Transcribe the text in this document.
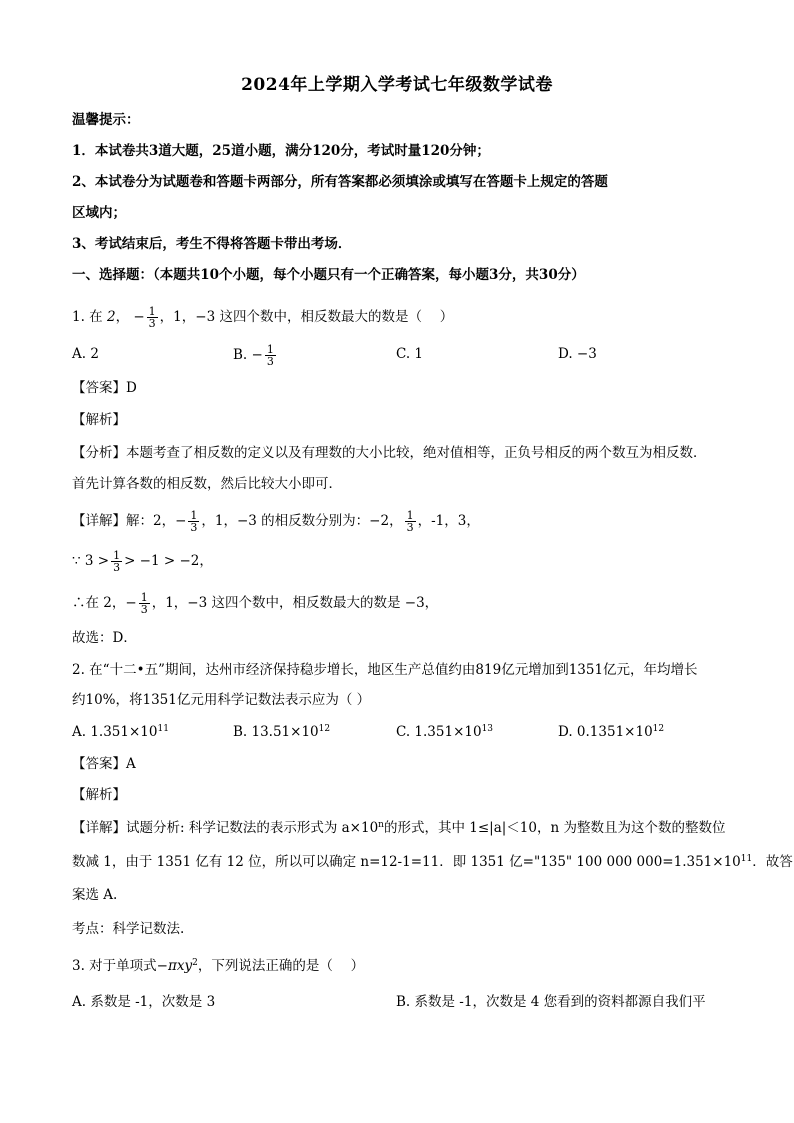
2024年上学期入学考试七年级数学试卷
温馨提示：
1．本试卷共3道大题，25道小题，满分120分，考试时量120分钟；
2、本试卷分为试题卷和答题卡两部分，所有答案都必须填涂或填写在答题卡上规定的答题
区域内；
3、考试结束后，考生不得将答题卡带出考场．
一、选择题：（本题共10个小题，每个小题只有一个正确答案，每小题3分，共30分）
1. 在 2， − $\frac{1}{3}$ ，1，−3 这四个数中，相反数最大的数是（　 ）
A. 2	B. − $\frac{1}{3}$	C. 1	D. −3
【答案】D
【解析】
【分析】本题考查了相反数的定义以及有理数的大小比较，绝对值相等，正负号相反的两个数互为相反数．
首先计算各数的相反数，然后比较大小即可．
【详解】解：2，− $\frac{1}{3}$ ，1，−3 的相反数分别为：−2， $\frac{1}{3}$ ，-1，3，
∵ $3 > \frac{1}{3} > -1 > -2$，
∴在 2，− $\frac{1}{3}$ ，1，−3 这四个数中，相反数最大的数是 −3，
故选：D．
2. 在“十二•五”期间，达州市经济保持稳步增长，地区生产总值约由819亿元增加到1351亿元，年均增长
约10%，将1351亿元用科学记数法表示应为（ ）
A. $1.351\times 10^{11}$	B. $13.51\times 10^{12}$	C. $1.351\times 10^{13}$	D. $0.1351\times 10^{12}$
【答案】A
【解析】
【详解】试题分析: 科学记数法的表示形式为 $a\times 10^n$的形式，其中 1≤|a|＜10，n 为整数且为这个数的整数位
数减 1，由于 1351 亿有 12 位，所以可以确定 n=12-1=11．即 1351 亿="135" 100 000 $000=1.351\times 10^{11}$．故答
案选 A.
考点：科学记数法.
3. 对于单项式−πxy$^2$，下列说法正确的是（　 ）
A. 系数是 -1，次数是 3	B. 系数是 -1，次数是 4 您看到的资料都源自我们平
